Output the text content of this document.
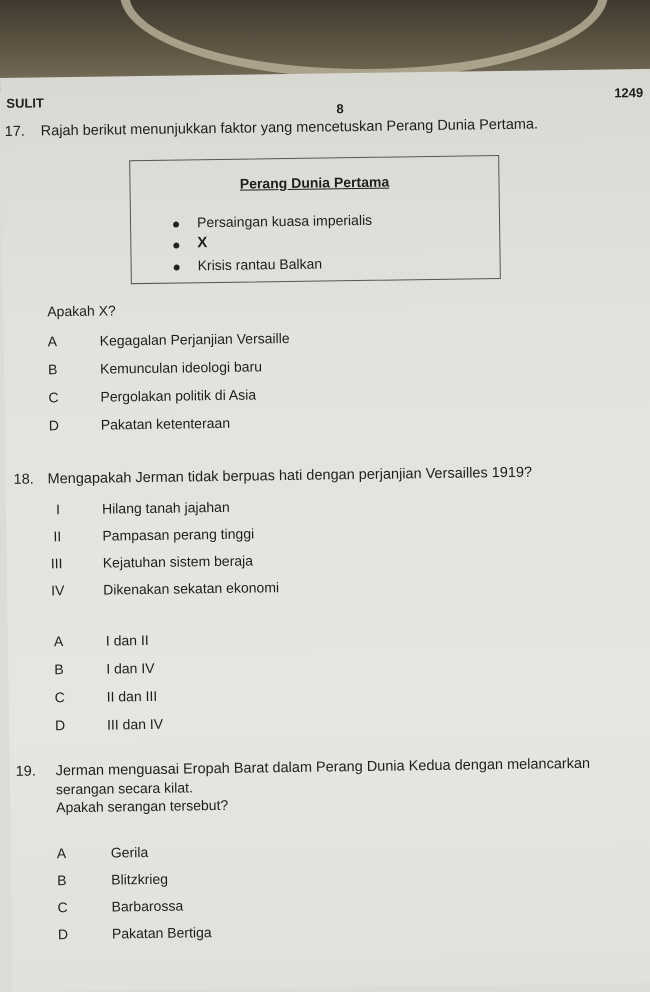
SULIT	8
1249
17. Rajah berikut menunjukkan faktor yang mencetuskan Perang Dunia Pertama.
Perang Dunia Pertama
Persaingan kuasa imperialis
X
Krisis rantau Balkan
Apakah X?
A	Kegagalan Perjanjian Versaille
B	Kemunculan ideologi baru
C	Pergolakan politik di Asia
D	Pakatan ketenteraan
18. Mengapakah Jerman tidak berpuas hati dengan perjanjian Versailles 1919?
I	Hilang tanah jajahan
II	Pampasan perang tinggi
III	Kejatuhan sistem beraja
IV	Dikenakan sekatan ekonomi
A	I dan II
B	I dan IV
C	II dan III
D	III dan IV
19. Jerman menguasai Eropah Barat dalam Perang Dunia Kedua dengan melancarkan
serangan secara kilat.
Apakah serangan tersebut?
A	Gerila
B	Blitzkrieg
C	Barbarossa
D	Pakatan Bertiga
